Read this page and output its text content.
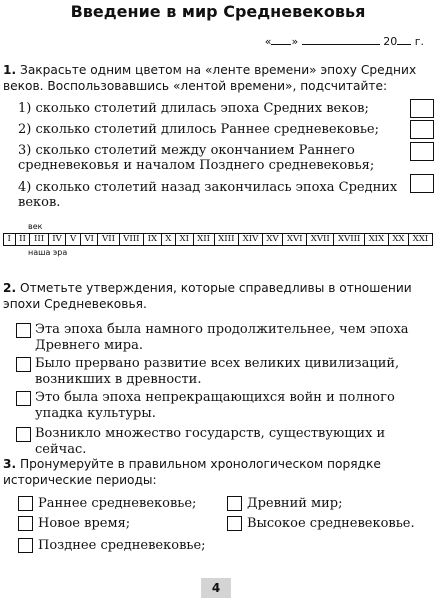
Введение в мир Средневековья
« »	20 г.
1. Закрасьте одним цветом на «ленте времени» эпоху Средних веков. Воспользовавшись «лентой времени», подсчитайте:
1) сколько столетий длилась эпоха Средних веков;
2) сколько столетий длилось Раннее средневековье;
3) сколько столетий между окончанием Раннего средневековья и началом Позднего средневековья;
4) сколько столетий назад закончилась эпоха Средних веков.
век
I II III IV V VI VII VIII IX X XI XII XIII XIV XV XVI XVII XVIII XIX XX XXI
наша эра
2. Отметьте утверждения, которые справедливы в отношении эпохи Средневековья.
Эта эпоха была намного продолжительнее, чем эпоха Древнего мира.
Было прервано развитие всех великих цивилизаций, возникших в древности.
Это была эпоха непрекращающихся войн и полного упадка культуры.
Возникло множество государств, существующих и сейчас.
3. Пронумеруйте в правильном хронологическом порядке исторические периоды:
Раннее средневековье;	Древний мир;
Новое время;	Высокое средневековье.
Позднее средневековье;
4
